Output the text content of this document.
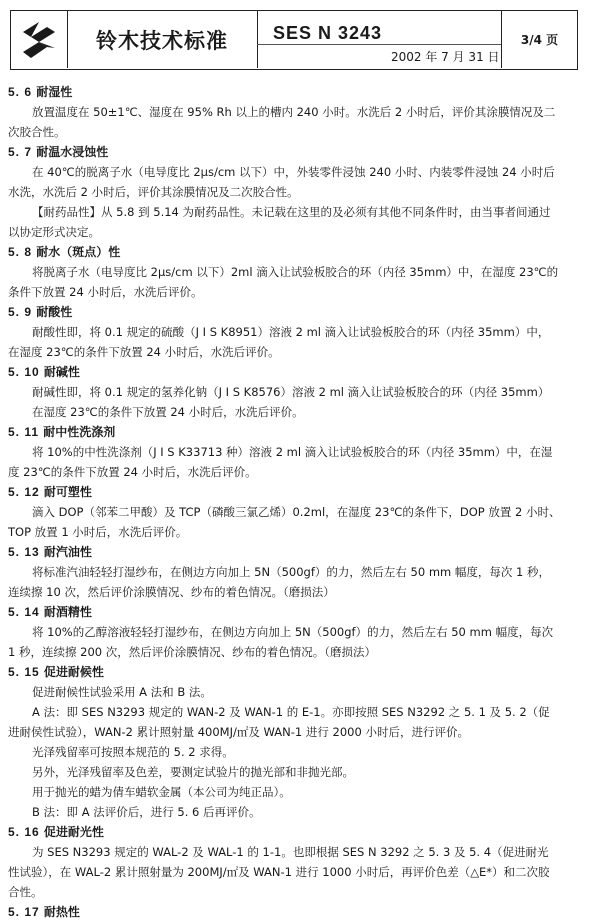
铃木技术标准	SES N 3243
2002 年 7 月 31 日
3/4 页
5. 6 耐湿性
放置温度在 50±1℃、湿度在 95% Rh 以上的槽内 240 小时。水洗后 2 小时后，评价其涂膜情况及二
次胶合性。
5. 7 耐温水浸蚀性
在 40℃的脱离子水（电导度比 2μs/cm 以下）中，外装零件浸蚀 240 小时、内装零件浸蚀 24 小时后
水洗，水洗后 2 小时后，评价其涂膜情况及二次胶合性。
【耐药品性】从 5.8 到 5.14 为耐药品性。未记载在这里的及必须有其他不同条件时，由当事者间通过
以协定形式决定。
5. 8 耐水（斑点）性
将脱离子水（电导度比 2μs/cm 以下）2ml 滴入让试验板胶合的环（内径 35mm）中，在湿度 23℃的
条件下放置 24 小时后，水洗后评价。
5. 9 耐酸性
耐酸性即，将 0.1 规定的硫酸（J I S K8951）溶液 2 ml 滴入让试验板胶合的环（内径 35mm）中，
在湿度 23℃的条件下放置 24 小时后，水洗后评价。
5. 10 耐碱性
耐碱性即，将 0.1 规定的氢养化钠（J I S K8576）溶液 2 ml 滴入让试验板胶合的环（内径 35mm）
在湿度 23℃的条件下放置 24 小时后，水洗后评价。
5. 11 耐中性洗涤剂
将 10%的中性洗涤剂（J I S K33713 种）溶液 2 ml 滴入让试验板胶合的环（内径 35mm）中，在湿
度 23℃的条件下放置 24 小时后，水洗后评价。
5. 12 耐可塑性
滴入 DOP（邻苯二甲酸）及 TCP（磷酸三氯乙烯）0.2ml，在湿度 23℃的条件下，DOP 放置 2 小时、
TOP 放置 1 小时后，水洗后评价。
5. 13 耐汽油性
将标准汽油轻轻打湿纱布，在侧边方向加上 5N（500gf）的力，然后左右 50 mm 幅度，每次 1 秒，
连续擦 10 次，然后评价涂膜情况、纱布的着色情况。（磨损法）
5. 14 耐酒精性
将 10%的乙醇溶液轻轻打湿纱布，在侧边方向加上 5N（500gf）的力，然后左右 50 mm 幅度，每次
1 秒，连续擦 200 次，然后评价涂膜情况、纱布的着色情况。（磨损法）
5. 15 促进耐候性
促进耐候性试验采用 A 法和 B 法。
A 法：即 SES N3293 规定的 WAN-2 及 WAN-1 的 E-1。亦即按照 SES N3292 之 5. 1 及 5. 2（促
进耐侯性试验），WAN-2 累计照射量 400MJ/㎡及 WAN-1 进行 2000 小时后，进行评价。
光泽残留率可按照本规范的 5. 2 求得。
另外，光泽残留率及色差，要测定试验片的抛光部和非抛光部。
用于抛光的蜡为倩车蜡软金属（本公司为纯正品）。
B 法：即 A 法评价后，进行 5. 6 后再评价。
5. 16 促进耐光性
为 SES N3293 规定的 WAL-2 及 WAL-1 的 1-1。也即根据 SES N 3292 之 5. 3 及 5. 4（促进耐光
性试验），在 WAL-2 累计照射量为 200MJ/㎡及 WAN-1 进行 1000 小时后，再评价色差（△E*）和二次胶
合性。
5. 17 耐热性
